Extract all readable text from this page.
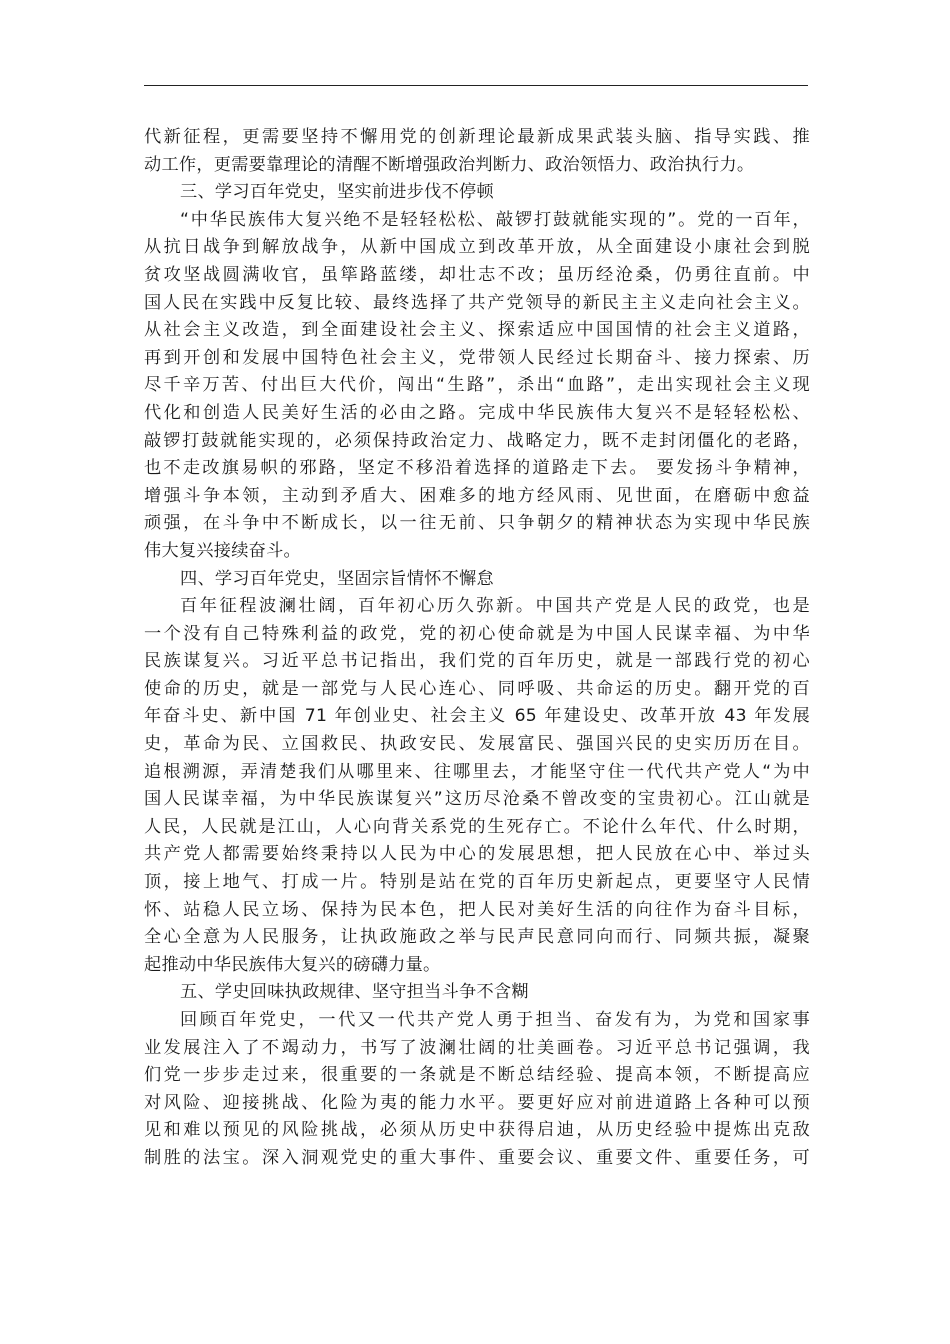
代新征程，更需要坚持不懈用党的创新理论最新成果武装头脑、指导实践、推
动工作，更需要靠理论的清醒不断增强政治判断力、政治领悟力、政治执行力。
三、学习百年党史，坚实前进步伐不停顿
“中华民族伟大复兴绝不是轻轻松松、敲锣打鼓就能实现的”。党的一百年，
从抗日战争到解放战争，从新中国成立到改革开放，从全面建设小康社会到脱
贫攻坚战圆满收官，虽筚路蓝缕，却壮志不改；虽历经沧桑，仍勇往直前。中
国人民在实践中反复比较、最终选择了共产党领导的新民主主义走向社会主义。
从社会主义改造，到全面建设社会主义、探索适应中国国情的社会主义道路，
再到开创和发展中国特色社会主义，党带领人民经过长期奋斗、接力探索、历
尽千辛万苦、付出巨大代价，闯出“生路”，杀出“血路”，走出实现社会主义现
代化和创造人民美好生活的必由之路。完成中华民族伟大复兴不是轻轻松松、
敲锣打鼓就能实现的，必须保持政治定力、战略定力，既不走封闭僵化的老路，
也不走改旗易帜的邪路，坚定不移沿着选择的道路走下去。 要发扬斗争精神，
增强斗争本领，主动到矛盾大、困难多的地方经风雨、见世面，在磨砺中愈益
顽强，在斗争中不断成长，以一往无前、只争朝夕的精神状态为实现中华民族
伟大复兴接续奋斗。
四、学习百年党史，坚固宗旨情怀不懈怠
百年征程波澜壮阔，百年初心历久弥新。中国共产党是人民的政党，也是
一个没有自己特殊利益的政党，党的初心使命就是为中国人民谋幸福、为中华
民族谋复兴。习近平总书记指出，我们党的百年历史，就是一部践行党的初心
使命的历史，就是一部党与人民心连心、同呼吸、共命运的历史。翻开党的百
年奋斗史、新中国 71 年创业史、社会主义 65 年建设史、改革开放 43 年发展
史，革命为民、立国救民、执政安民、发展富民、强国兴民的史实历历在目。
追根溯源，弄清楚我们从哪里来、往哪里去，才能坚守住一代代共产党人“为中
国人民谋幸福，为中华民族谋复兴”这历尽沧桑不曾改变的宝贵初心。江山就是
人民，人民就是江山，人心向背关系党的生死存亡。不论什么年代、什么时期，
共产党人都需要始终秉持以人民为中心的发展思想，把人民放在心中、举过头
顶，接上地气、打成一片。特别是站在党的百年历史新起点，更要坚守人民情
怀、站稳人民立场、保持为民本色，把人民对美好生活的向往作为奋斗目标，
全心全意为人民服务，让执政施政之举与民声民意同向而行、同频共振，凝聚
起推动中华民族伟大复兴的磅礴力量。
五、学史回味执政规律、坚守担当斗争不含糊
回顾百年党史，一代又一代共产党人勇于担当、奋发有为，为党和国家事
业发展注入了不竭动力，书写了波澜壮阔的壮美画卷。习近平总书记强调，我
们党一步步走过来，很重要的一条就是不断总结经验、提高本领，不断提高应
对风险、迎接挑战、化险为夷的能力水平。要更好应对前进道路上各种可以预
见和难以预见的风险挑战，必须从历史中获得启迪，从历史经验中提炼出克敌
制胜的法宝。深入洞观党史的重大事件、重要会议、重要文件、重要任务，可
